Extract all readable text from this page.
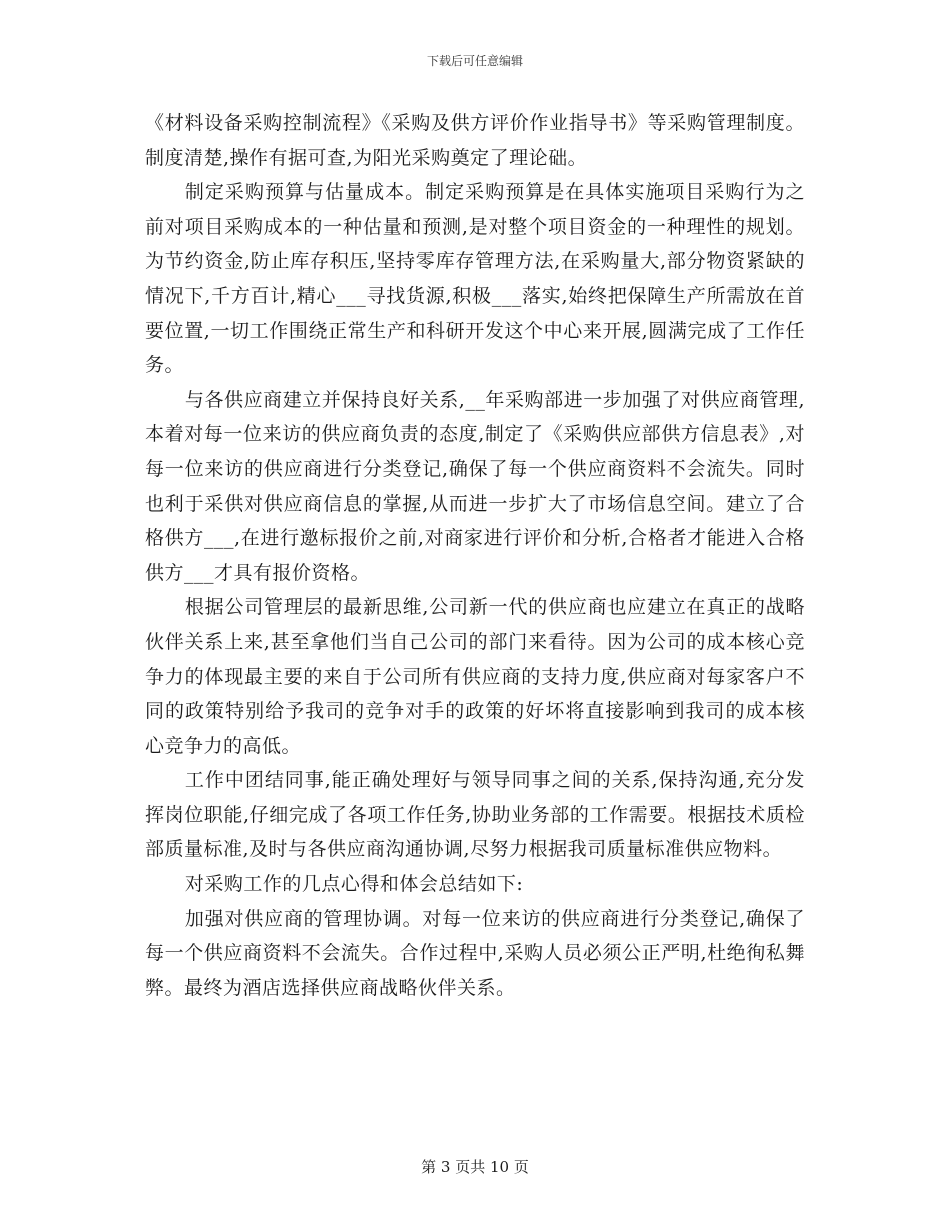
下载后可任意编辑

《材料设备采购控制流程》《采购及供方评价作业指导书》等采购管理制度。制度清楚,操作有据可查,为阳光采购奠定了理论础。

制定采购预算与估量成本。制定采购预算是在具体实施项目采购行为之前对项目采购成本的一种估量和预测,是对整个项目资金的一种理性的规划。为节约资金,防止库存积压,坚持零库存管理方法,在采购量大,部分物资紧缺的情况下,千方百计,精心___寻找货源,积极___落实,始终把保障生产所需放在首要位置,一切工作围绕正常生产和科研开发这个中心来开展,圆满完成了工作任务。

与各供应商建立并保持良好关系,__年采购部进一步加强了对供应商管理,本着对每一位来访的供应商负责的态度,制定了《采购供应部供方信息表》,对每一位来访的供应商进行分类登记,确保了每一个供应商资料不会流失。同时也利于采供对供应商信息的掌握,从而进一步扩大了市场信息空间。建立了合格供方___,在进行邀标报价之前,对商家进行评价和分析,合格者才能进入合格供方___才具有报价资格。

根据公司管理层的最新思维,公司新一代的供应商也应建立在真正的战略伙伴关系上来,甚至拿他们当自己公司的部门来看待。因为公司的成本核心竞争力的体现最主要的来自于公司所有供应商的支持力度,供应商对每家客户不同的政策特别给予我司的竞争对手的政策的好坏将直接影响到我司的成本核心竞争力的高低。

工作中团结同事,能正确处理好与领导同事之间的关系,保持沟通,充分发挥岗位职能,仔细完成了各项工作任务,协助业务部的工作需要。根据技术质检部质量标准,及时与各供应商沟通协调,尽努力根据我司质量标准供应物料。

对采购工作的几点心得和体会总结如下:

加强对供应商的管理协调。对每一位来访的供应商进行分类登记,确保了每一个供应商资料不会流失。合作过程中,采购人员必须公正严明,杜绝徇私舞弊。最终为酒店选择供应商战略伙伴关系。

第 3 页共 10 页
